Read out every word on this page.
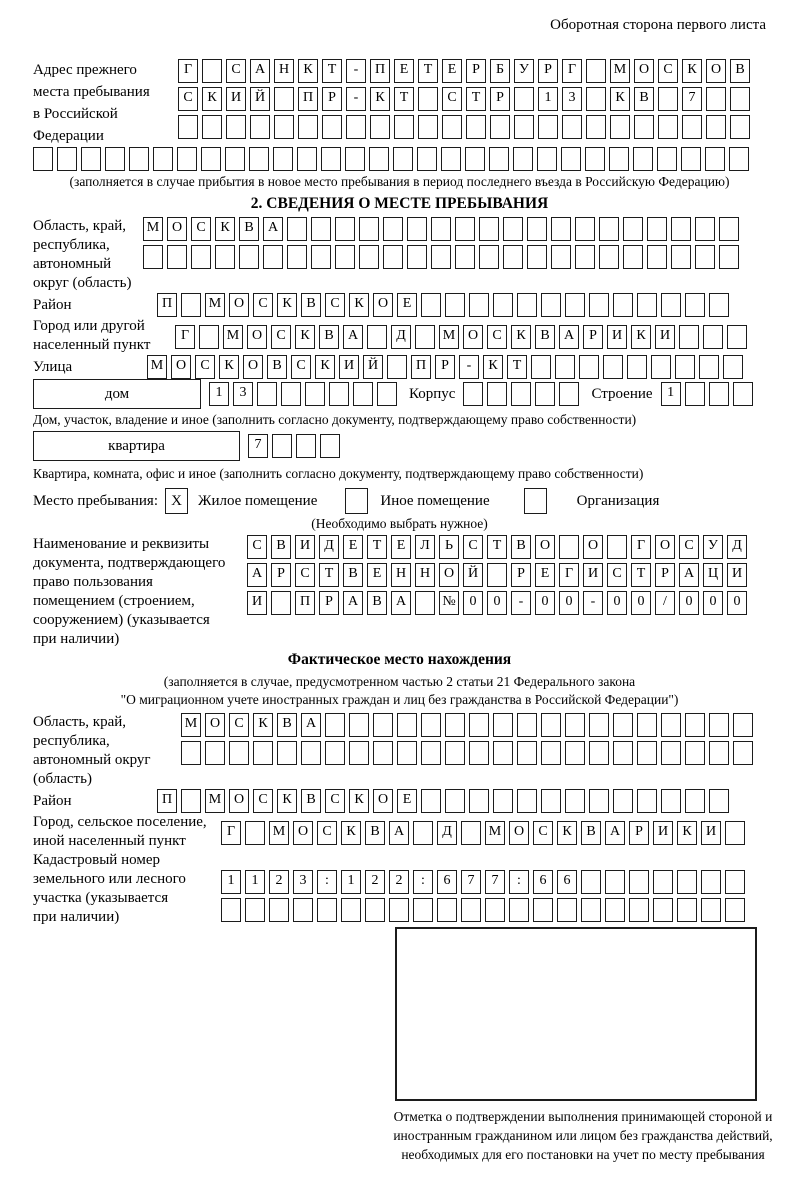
Оборотная сторона первого листа
Адрес прежнего
места пребывания
в Российской
Федерации
Г	С А Н К Т - П Е Т Е Р Б У Р Г	М О С К О В
С К И Й	П Р - К Т	С Т Р	1 3	К В	7
(заполняется в случае прибытия в новое место пребывания в период последнего въезда в Российскую Федерацию)
2. СВЕДЕНИЯ О МЕСТЕ ПРЕБЫВАНИЯ
Область, край,
республика,
автономный
округ (область)
М О С К В А
Район	П	М О С К В С К О Е
Город или другой
населенный пункт
Г	М О С К В А	Д	М О С К В А Р И К И
Улица	М О С К О В С К И Й	П Р - К Т
дом	1 3	Корпус	Строение	1
Дом, участок, владение и иное (заполнить согласно документу, подтверждающему право собственности)
квартира	7
Квартира, комната, офис и иное (заполнить согласно документу, подтверждающему право собственности)
Место пребывания: X	Жилое помещение	Иное помещение	Организация
(Необходимо выбрать нужное)
Наименование и реквизиты
документа, подтверждающего
право пользования
помещением (строением,
сооружением) (указывается
при наличии)
С В И Д Е Т Е Л Ь С Т В О	О	Г О С У Д
А Р С Т В Е Н Н О Й	Р Е Г И С Т Р А Ц И
И	П Р А В А	№ 0 0 - 0 0 - 0 0 / 0 0 0
Фактическое место нахождения
(заполняется в случае, предусмотренном частью 2 статьи 21 Федерального закона
"О миграционном учете иностранных граждан и лиц без гражданства в Российской Федерации")
Область, край,
республика,
автономный округ
(область)
М О С К В А
Район	П	М О С К В С К О Е
Город, сельское поселение,
иной населенный пункт
Г	М О С К В А	Д	М О С К В А Р И К И
Кадастровый номер
земельного или лесного
участка (указывается
при наличии)
1 1 2 3 : 1 2 2 : 6 7 7 : 6 6
Отметка о подтверждении выполнения принимающей стороной и иностранным гражданином или лицом без гражданства действий, необходимых для его постановки на учет по месту пребывания
